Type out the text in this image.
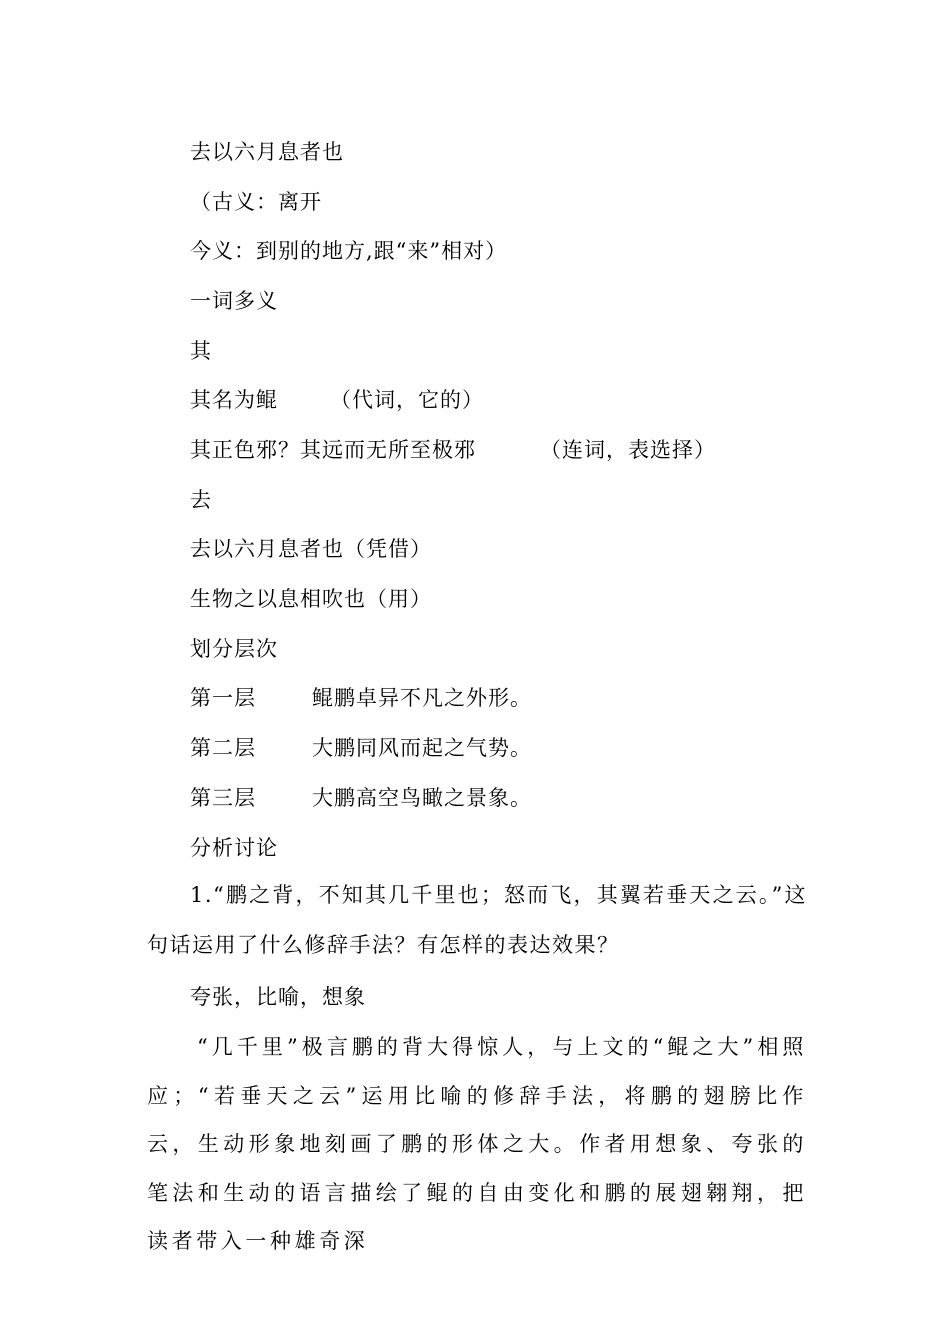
去以六月息者也
（古义：离开
今义：到别的地方,跟“来”相对）
一词多义
其
其名为鲲 （代词，它的）
其正色邪？其远而无所至极邪	（连词，表选择）
去
去以六月息者也（凭借）
生物之以息相吹也（用）
划分层次
第一层	鲲鹏卓异不凡之外形。
第二层	大鹏同风而起之气势。
第三层	大鹏高空鸟瞰之景象。
分析讨论
1.“鹏之背，不知其几千里也；怒而飞，其翼若垂天之云。”这句话运用了什么修辞手法？有怎样的表达效果？
夸张，比喻，想象
“几千里”极言鹏的背大得惊人，与上文的“鲲之大”相照应；“若垂天之云”运用比喻的修辞手法，将鹏的翅膀比作云，生动形象地刻画了鹏的形体之大。作者用想象、夸张的笔法和生动的语言描绘了鲲的自由变化和鹏的展翅翱翔，把读者带入一种雄奇深
